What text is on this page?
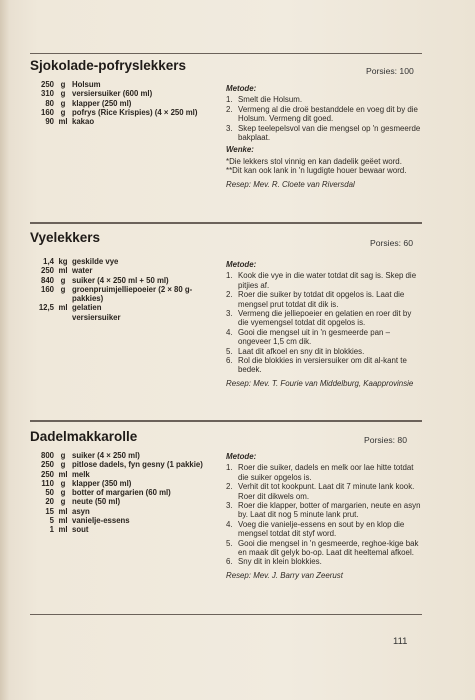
Sjokolade-pofryslekkers	Porsies: 100
250 g Holsum
310 g versiersuiker (600 ml)
80 g klapper (250 ml)
160 g pofrys (Rice Krispies) (4 × 250 ml)
90 ml kakao
Metode:
1. Smelt die Holsum.
2. Vermeng al die droë bestanddele en voeg dit by die Holsum. Vermeng dit goed.
3. Skep teelepelsvol van die mengsel op 'n gesmeerde bakplaat.
Wenke:
*Die lekkers stol vinnig en kan dadelik geëet word.
**Dit kan ook lank in 'n lugdigte houer bewaar word.
Resep: Mev. R. Cloete van Riversdal
Vyelekkers	Porsies: 60
1,4 kg geskilde vye
250 ml water
840 g suiker (4 × 250 ml + 50 ml)
160 g groenpruimjelliepoeier (2 × 80 g-pakkies)
12,5 ml gelatien
versiersuiker
Metode:
1. Kook die vye in die water totdat dit sag is. Skep die pitjies af.
2. Roer die suiker by totdat dit opgelos is. Laat die mengsel prut totdat dit dik is.
3. Vermeng die jelliepoeier en gelatien en roer dit by die vyemengsel totdat dit opgelos is.
4. Gooi die mengsel uit in 'n gesmeerde pan – ongeveer 1,5 cm dik.
5. Laat dit afkoel en sny dit in blokkies.
6. Rol die blokkies in versiersuiker om dit al-kant te bedek.
Resep: Mev. T. Fourie van Middelburg, Kaapprovinsie
Dadelmakkarolle	Porsies: 80
800 g suiker (4 × 250 ml)
250 g pitlose dadels, fyn gesny (1 pakkie)
250 ml melk
110 g klapper (350 ml)
50 g botter of margarien (60 ml)
20 g neute (50 ml)
15 ml asyn
5 ml vanielje-essens
1 ml sout
Metode:
1. Roer die suiker, dadels en melk oor lae hitte totdat die suiker opgelos is.
2. Verhit dit tot kookpunt. Laat dit 7 minute lank kook. Roer dit dikwels om.
3. Roer die klapper, botter of margarien, neute en asyn by. Laat dit nog 5 minute lank prut.
4. Voeg die vanielje-essens en sout by en klop die mengsel totdat dit styf word.
5. Gooi die mengsel in 'n gesmeerde, reghoe-kige bak en maak dit gelyk bo-op. Laat dit heeltemal afkoel.
6. Sny dit in klein blokkies.
Resep: Mev. J. Barry van Zeerust
111
